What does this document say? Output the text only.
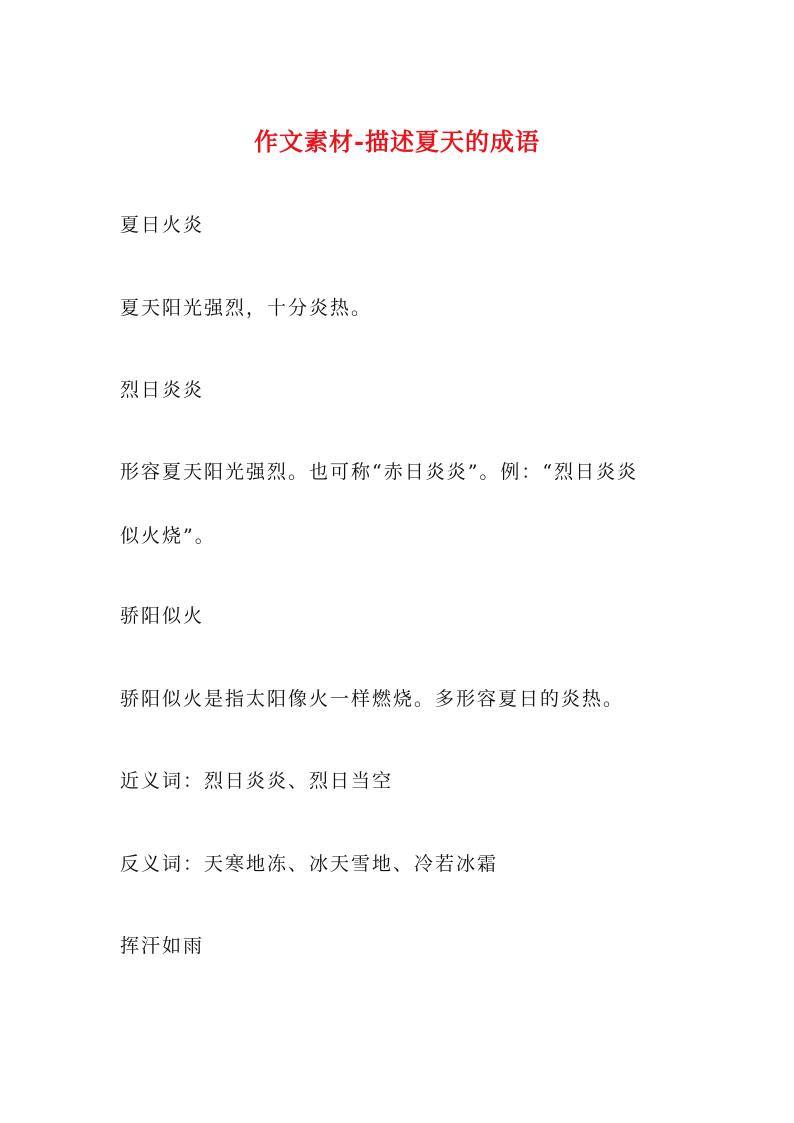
作文素材-描述夏天的成语
夏日火炎
夏天阳光强烈，十分炎热。
烈日炎炎
形容夏天阳光强烈。也可称“赤日炎炎”。例：“烈日炎炎
似火烧”。
骄阳似火
骄阳似火是指太阳像火一样燃烧。多形容夏日的炎热。
近义词：烈日炎炎、烈日当空
反义词：天寒地冻、冰天雪地、冷若冰霜
挥汗如雨
